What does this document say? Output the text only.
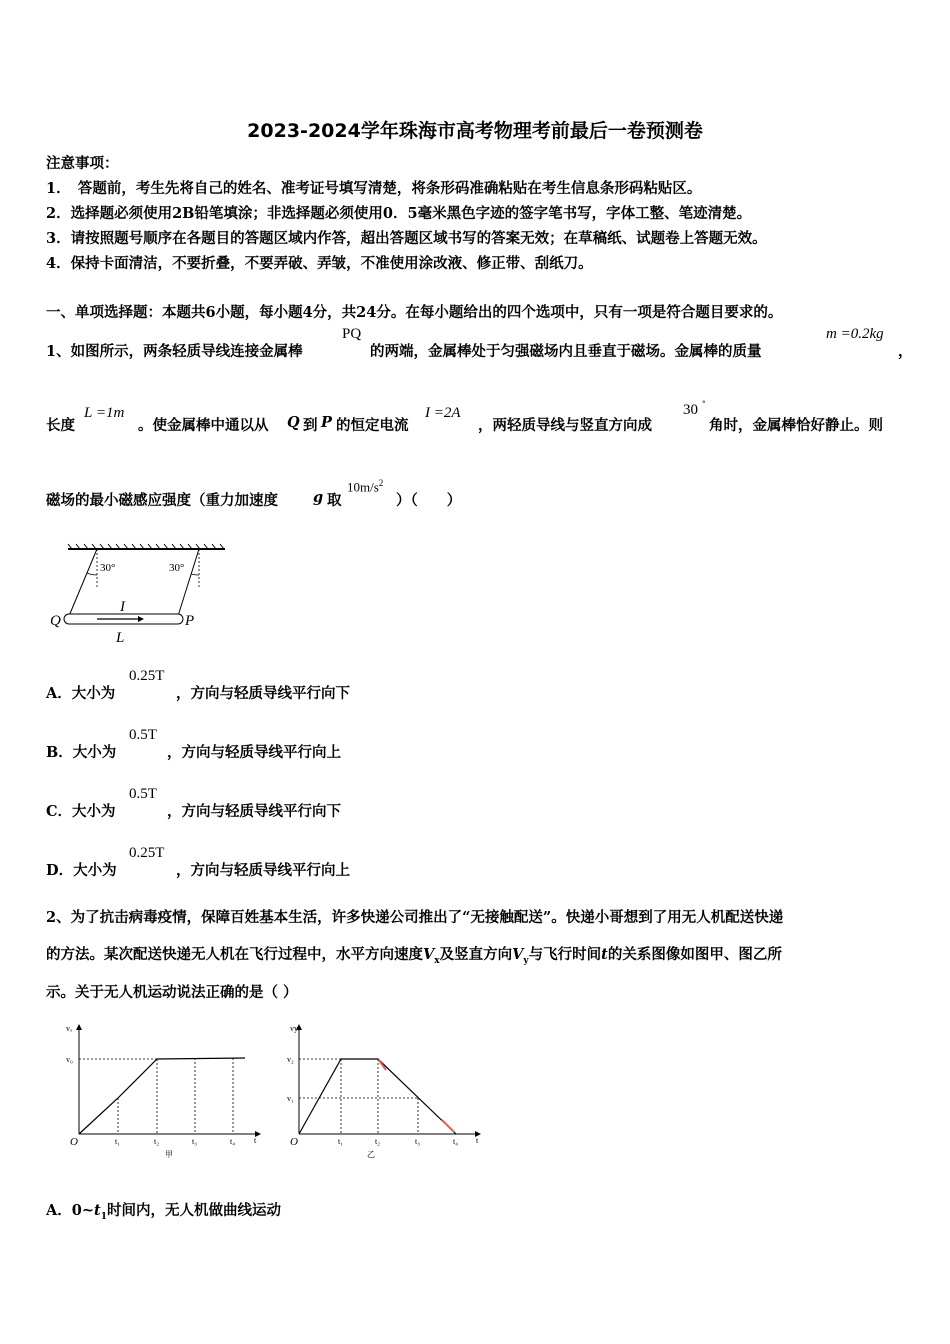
2023-2024学年珠海市高考物理考前最后一卷预测卷
注意事项：
1．　答题前，考生先将自己的姓名、准考证号填写清楚，将条形码准确粘贴在考生信息条形码粘贴区。
2．选择题必须使用2B铅笔填涂；非选择题必须使用0．5毫米黑色字迹的签字笔书写，字体工整、笔迹清楚。
3．请按照题号顺序在各题目的答题区域内作答，超出答题区域书写的答案无效；在草稿纸、试题卷上答题无效。
4．保持卡面清洁，不要折叠，不要弄破、弄皱，不准使用涂改液、修正带、刮纸刀。
一、单项选择题：本题共6小题，每小题4分，共24分。在每小题给出的四个选项中，只有一项是符合题目要求的。
1、如图所示，两条轻质导线连接金属棒
PQ
的两端，金属棒处于匀强磁场内且垂直于磁场。金属棒的质量
m =0.2kg
，
长度
L =1m
。使金属棒中通以从 Q 到 P 的恒定电流
I =2A
，两轻质导线与竖直方向成
30 °
角时，金属棒恰好静止。则
磁场的最小磁感应强度（重力加速度 g 取
$10m/s^2$
）（　　）
30°	30°
Q	P
I
L
A．大小为
0.25T
，方向与轻质导线平行向下
B．大小为
0.5T
，方向与轻质导线平行向上
C．大小为
0.5T
，方向与轻质导线平行向下
D．大小为
0.25T
，方向与轻质导线平行向上
2、为了抗击病毒疫情，保障百姓基本生活，许多快递公司推出了“无接触配送”。快递小哥想到了用无人机配送快递
的方法。某次配送快递无人机在飞行过程中，水平方向速度$V_x$及竖直方向$V_y$与飞行时间t的关系图像如图甲、图乙所
示。关于无人机运动说法正确的是（ ）
vₓ
v₀
O	t₁	t₂	t₃	t₄ t
甲
vy
v₂
v₁
O	t₁	t₂	t₃	t₄ t
乙
A．$0\sim t_1$时间内，无人机做曲线运动
